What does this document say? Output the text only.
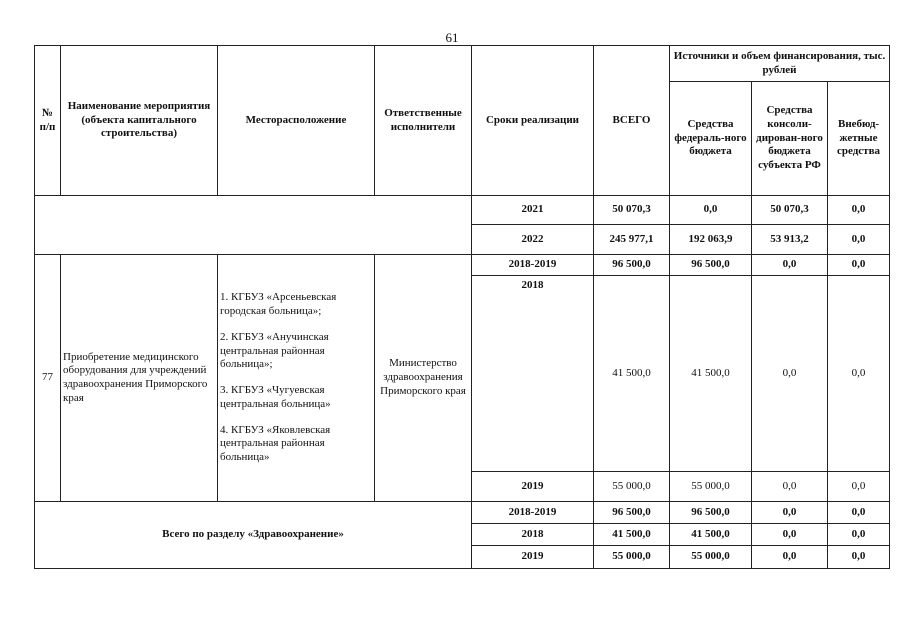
61
№ п/п	Наименование мероприятия (объекта капитального строительства)	Месторасположение	Ответственные исполнители	Сроки реализации	ВСЕГО	Источники и объем финансирования, тыс. рублей		
						Средства федераль-ного бюджета	Средства консоли-дирован-ного бюджета субъекта РФ	Внебюд-жетные средства
				2021	50 070,3	0,0	50 070,3	0,0
				2022	245 977,1	192 063,9	53 913,2	0,0
77	Приобретение медицинского оборудования для учреждений здравоохранения Приморского края	1. КГБУЗ «Арсеньевская городская больница»;

2. КГБУЗ «Анучинская центральная районная больница»;

3. КГБУЗ «Чугуевская центральная больница»

4. КГБУЗ «Яковлевская центральная районная больница»	Министерство здравоохранения Приморского края	2018-2019	96 500,0	96 500,0	0,0	0,0
				2018	41 500,0	41 500,0	0,0	0,0
				2019	55 000,0	55 000,0	0,0	0,0
Всего по разделу «Здравоохранение»				2018-2019	96 500,0	96 500,0	0,0	0,0
				2018	41 500,0	41 500,0	0,0	0,0
				2019	55 000,0	55 000,0	0,0	0,0
